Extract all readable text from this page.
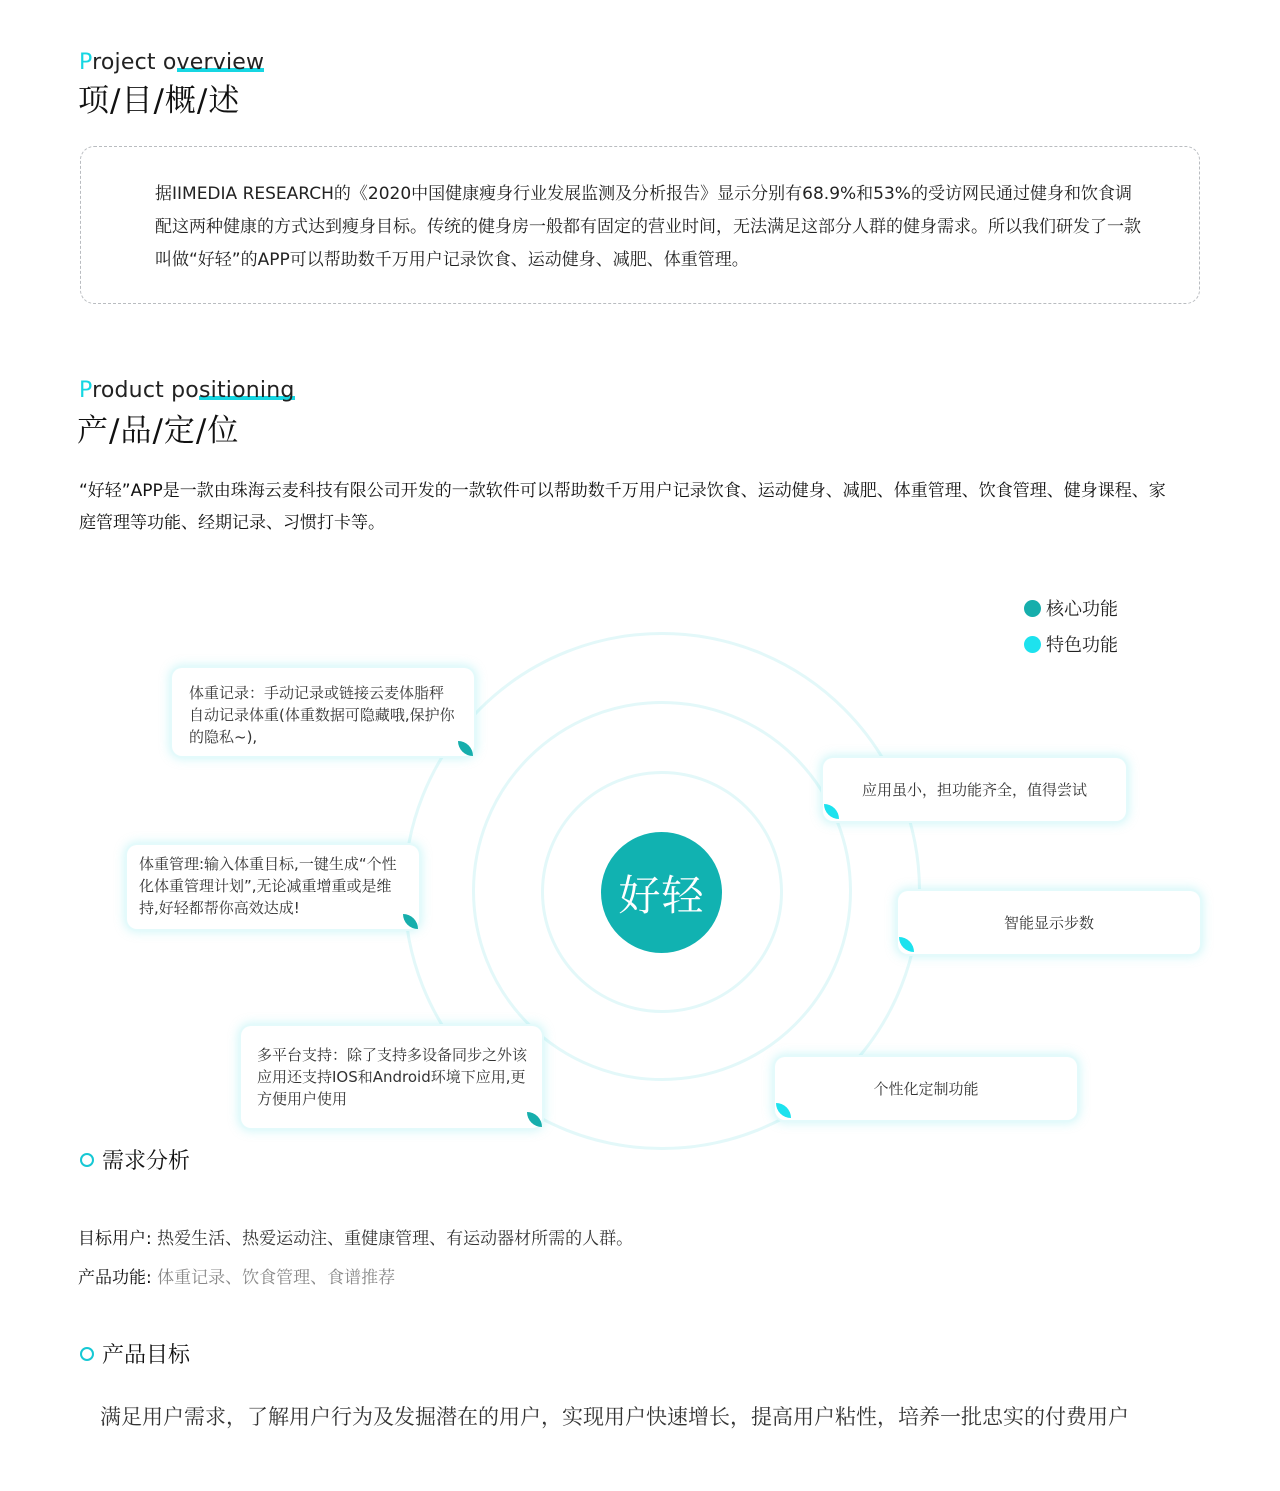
Project overview
项/目/概/述
据IIMEDIA RESEARCH的《2020中国健康瘦身行业发展监测及分析报告》显示分别有68.9%和53%的受访网民通过健身和饮食调配这两种健康的方式达到瘦身目标。传统的健身房一般都有固定的营业时间，无法满足这部分人群的健身需求。所以我们研发了一款叫做“好轻”的APP可以帮助数千万用户记录饮食、运动健身、减肥、体重管理。
Product positioning
产/品/定/位
“好轻”APP是一款由珠海云麦科技有限公司开发的一款软件可以帮助数千万用户记录饮食、运动健身、减肥、体重管理、饮食管理、健身课程、家庭管理等功能、经期记录、习惯打卡等。
核心功能
特色功能
好轻
体重记录：手动记录或链接云麦体脂秤自动记录体重(体重数据可隐藏哦,保护你的隐私~),
体重管理:输入体重目标,一键生成“个性化体重管理计划”,无论减重增重或是维持,好轻都帮你高效达成!
多平台支持：除了支持多设备同步之外该应用还支持IOS和Android环境下应用,更方便用户使用
应用虽小，担功能齐全，值得尝试
智能显示步数
个性化定制功能
需求分析
目标用户: 热爱生活、热爱运动注、重健康管理、有运动器材所需的人群。
产品功能: 体重记录、饮食管理、食谱推荐
产品目标
满足用户需求，了解用户行为及发掘潜在的用户，实现用户快速增长，提高用户粘性，培养一批忠实的付费用户
